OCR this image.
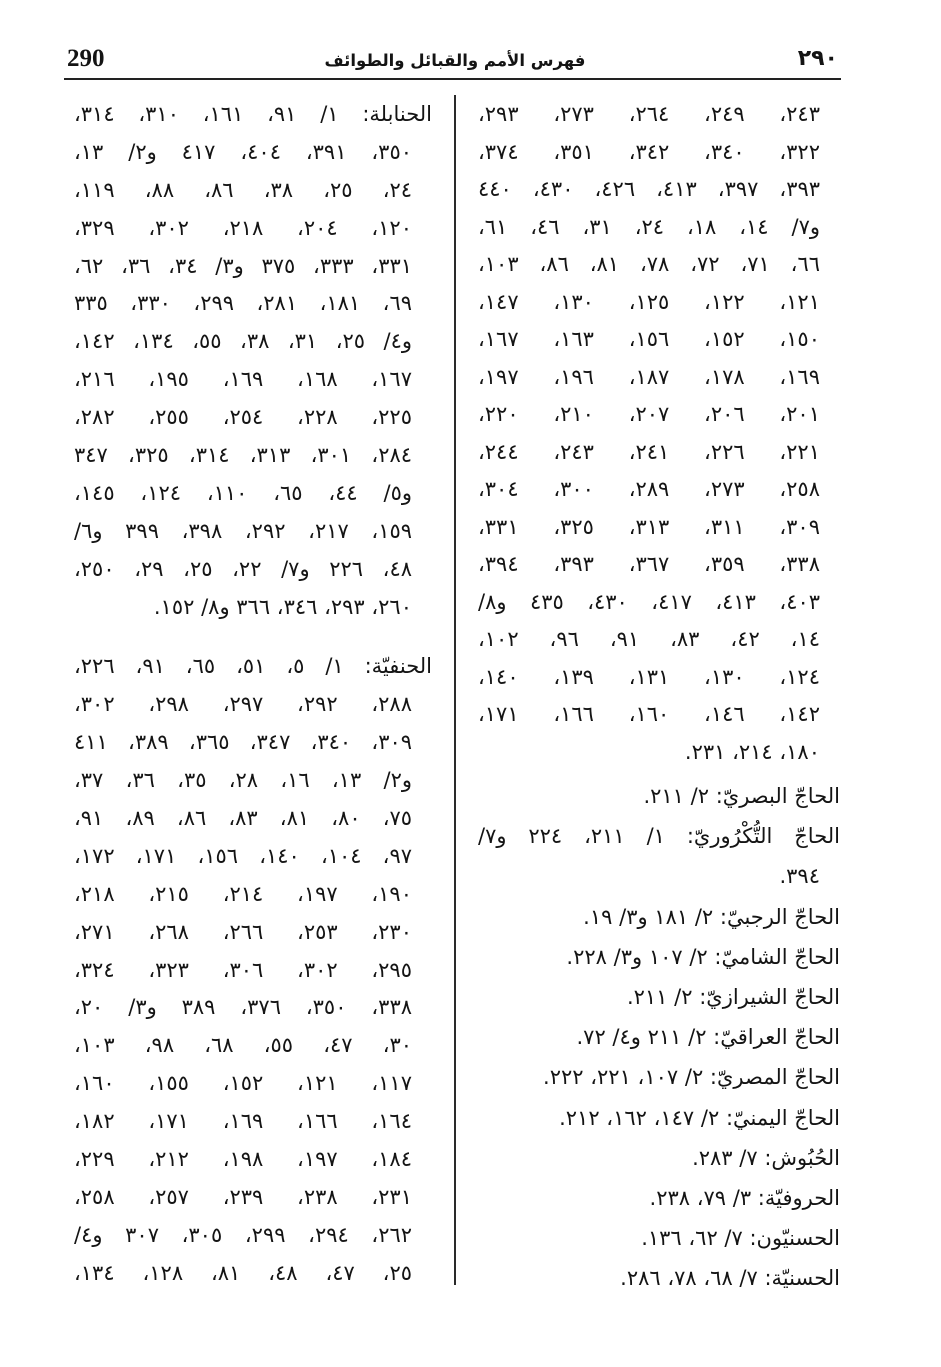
290	فهرس الأمم والقبائل والطوائف	٢٩٠
٢٤٣، ٢٤٩، ٢٦٤، ٢٧٣، ٢٩٣،
٣٢٢، ٣٤٠، ٣٤٢، ٣٥١، ٣٧٤،
٣٩٣، ٣٩٧، ٤١٣، ٤٢٦، ٤٣٠، ٤٤٠
و٧/ ١٤، ١٨، ٢٤، ٣١، ٤٦، ٦١،
٦٦، ٧١، ٧٢، ٧٨، ٨١، ٨٦، ١٠٣،
١٢١، ١٢٢، ١٢٥، ١٣٠، ١٤٧،
١٥٠، ١٥٢، ١٥٦، ١٦٣، ١٦٧،
١٦٩، ١٧٨، ١٨٧، ١٩٦، ١٩٧،
٢٠١، ٢٠٦، ٢٠٧، ٢١٠، ٢٢٠،
٢٢١، ٢٢٦، ٢٤١، ٢٤٣، ٢٤٤،
٢٥٨، ٢٧٣، ٢٨٩، ٣٠٠، ٣٠٤،
٣٠٩، ٣١١، ٣١٣، ٣٢٥، ٣٣١،
٣٣٨، ٣٥٩، ٣٦٧، ٣٩٣، ٣٩٤،
٤٠٣، ٤١٣، ٤١٧، ٤٣٠، ٤٣٥ و٨/
١٤، ٤٢، ٨٣، ٩١، ٩٦، ١٠٢،
١٢٤، ١٣٠، ١٣١، ١٣٩، ١٤٠،
١٤٢، ١٤٦، ١٦٠، ١٦٦، ١٧١،
١٨٠، ٢١٤، ٢٣١.
الحاجّ البصريّ: ٢/ ٢١١.
الحاجّ التُّكْرُوريّ: ١/ ٢١١، ٢٢٤ و٧/
٣٩٤.
الحاجّ الرجبيّ: ٢/ ١٨١ و٣/ ١٩.
الحاجّ الشاميّ: ٢/ ١٠٧ و٣/ ٢٢٨.
الحاجّ الشيرازيّ: ٢/ ٢١١.
الحاجّ العراقيّ: ٢/ ٢١١ و٤/ ٧٢.
الحاجّ المصريّ: ٢/ ١٠٧، ٢٢١، ٢٢٢.
الحاجّ اليمنيّ: ٢/ ١٤٧، ١٦٢، ٢١٢.
الحُبُوش: ٧/ ٢٨٣.
الحروفيّة: ٣/ ٧٩، ٢٣٨.
الحسنيّون: ٧/ ٦٢، ١٣٦.
الحسنيّة: ٧/ ٦٨، ٧٨، ٢٨٦.
الحنابلة: ١/ ٩١، ١٦١، ٣١٠، ٣١٤،
٣٥٠، ٣٩١، ٤٠٤، ٤١٧ و٢/ ١٣،
٢٤، ٢٥، ٣٨، ٨٦، ٨٨، ١١٩،
١٢٠، ٢٠٤، ٢١٨، ٣٠٢، ٣٢٩،
٣٣١، ٣٣٣، ٣٧٥ و٣/ ٣٤، ٣٦، ٦٢،
٦٩، ١٨١، ٢٨١، ٢٩٩، ٣٣٠، ٣٣٥
و٤/ ٢٥، ٣١، ٣٨، ٥٥، ١٣٤، ١٤٢،
١٦٧، ١٦٨، ١٦٩، ١٩٥، ٢١٦،
٢٢٥، ٢٢٨، ٢٥٤، ٢٥٥، ٢٨٢،
٢٨٤، ٣٠١، ٣١٣، ٣١٤، ٣٢٥، ٣٤٧
و٥/ ٤٤، ٦٥، ١١٠، ١٢٤، ١٤٥،
١٥٩، ٢١٧، ٢٩٢، ٣٩٨، ٣٩٩ و٦/
٤٨، ٢٢٦ و٧/ ٢٢، ٢٥، ٢٩، ٢٥٠،
٢٦٠، ٢٩٣، ٣٤٦، ٣٦٦ و٨/ ١٥٢.
الحنفيّة: ١/ ٥، ٥١، ٦٥، ٩١، ٢٢٦،
٢٨٨، ٢٩٢، ٢٩٧، ٢٩٨، ٣٠٢،
٣٠٩، ٣٤٠، ٣٤٧، ٣٦٥، ٣٨٩، ٤١١
و٢/ ١٣، ١٦، ٢٨، ٣٥، ٣٦، ٣٧،
٧٥، ٨٠، ٨١، ٨٣، ٨٦، ٨٩، ٩١،
٩٧، ١٠٤، ١٤٠، ١٥٦، ١٧١، ١٧٢،
١٩٠، ١٩٧، ٢١٤، ٢١٥، ٢١٨،
٢٣٠، ٢٥٣، ٢٦٦، ٢٦٨، ٢٧١،
٢٩٥، ٣٠٢، ٣٠٦، ٣٢٣، ٣٢٤،
٣٣٨، ٣٥٠، ٣٧٦، ٣٨٩ و٣/ ٢٠،
٣٠، ٤٧، ٥٥، ٦٨، ٩٨، ١٠٣،
١١٧، ١٢١، ١٥٢، ١٥٥، ١٦٠،
١٦٤، ١٦٦، ١٦٩، ١٧١، ١٨٢،
١٨٤، ١٩٧، ١٩٨، ٢١٢، ٢٢٩،
٢٣١، ٢٣٨، ٢٣٩، ٢٥٧، ٢٥٨،
٢٦٢، ٢٩٤، ٢٩٩، ٣٠٥، ٣٠٧ و٤/
٢٥، ٤٧، ٤٨، ٨١، ١٢٨، ١٣٤،
